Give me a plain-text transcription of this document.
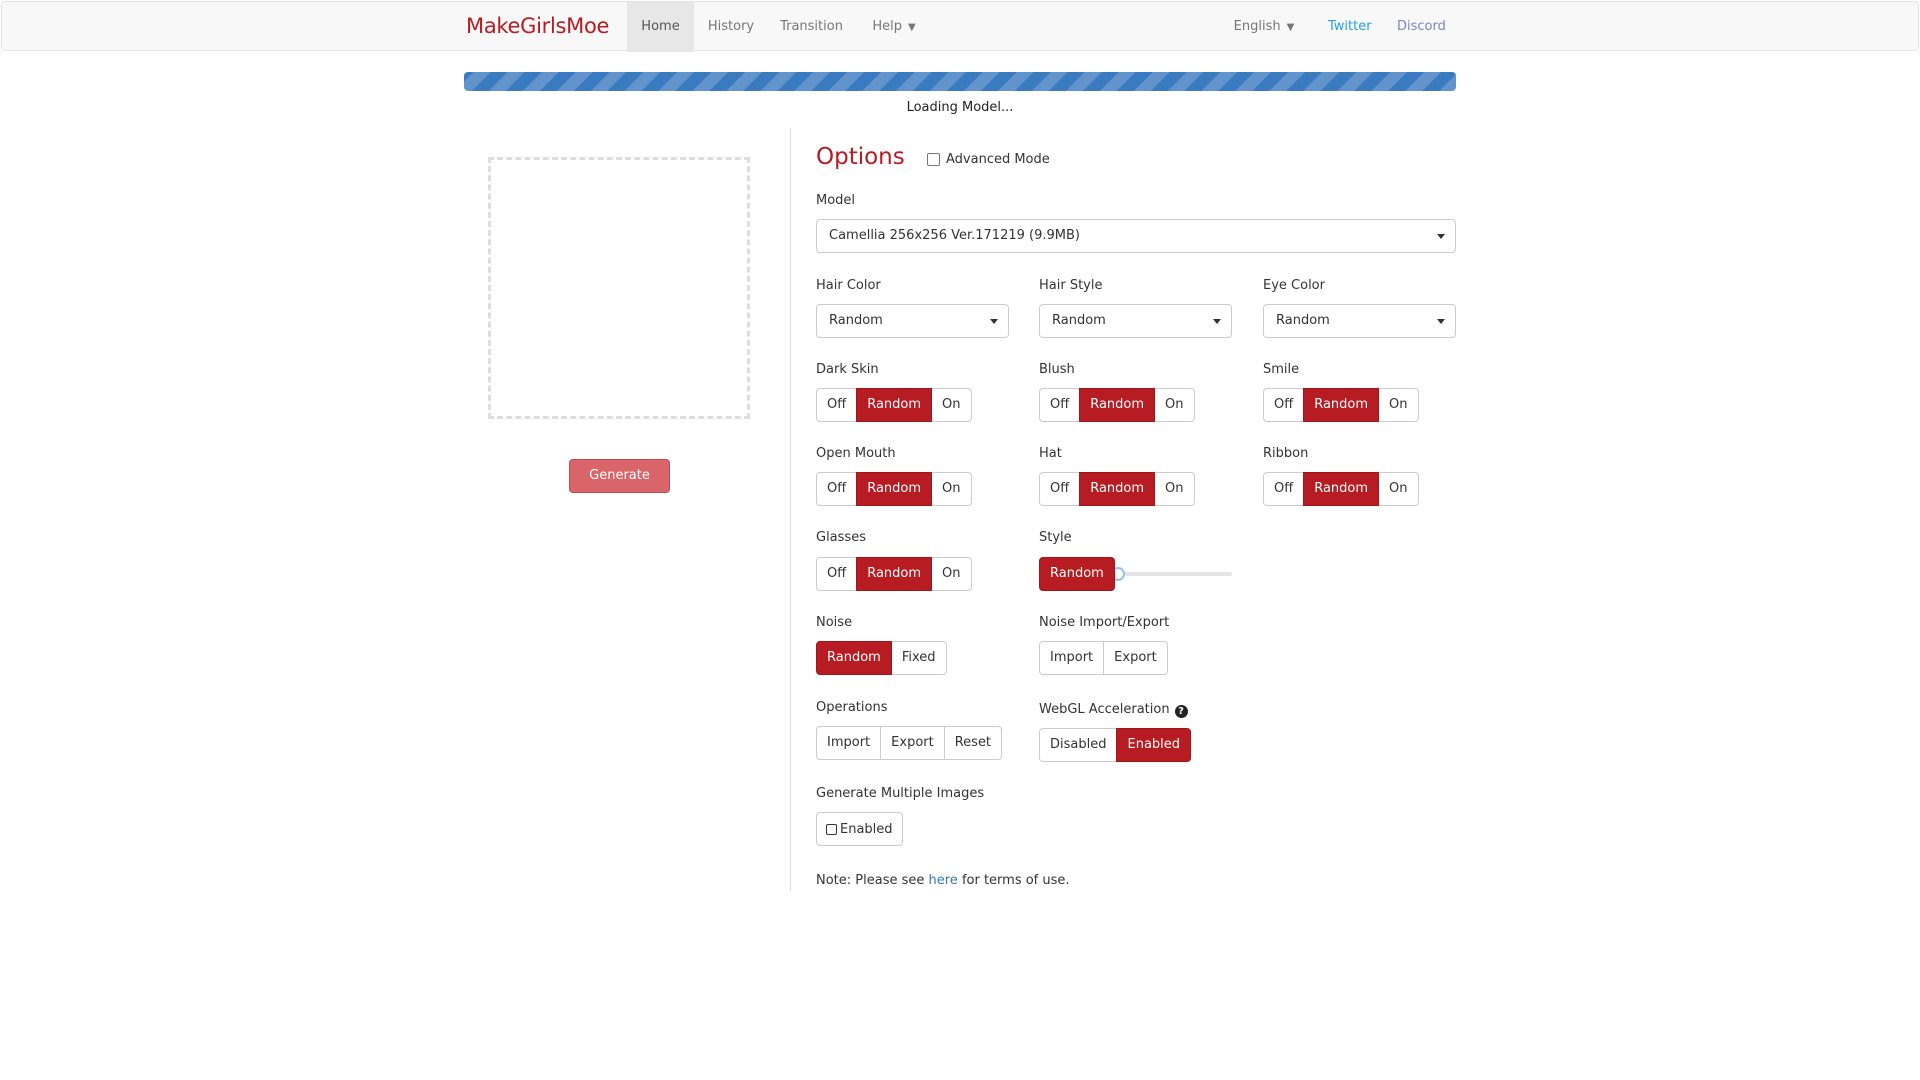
MakeGirlsMoe	Home	History	Transition	Help ▼	English ▼	Twitter Discord
Loading Model...
Generate
Options	Advanced Mode
Model
Camellia 256x256 Ver.171219 (9.9MB)
Hair Color
Random
Hair Style
Random
Eye Color
Random
Dark Skin
Off	Random	On
Blush
Off	Random	On
Smile
Off	Random	On
Open Mouth
Off	Random	On
Hat
Off	Random	On
Ribbon
Off	Random	On
Glasses
Off	Random	On
Style
Random
Noise
Random	Fixed
Noise Import/Export
Import	Export
Operations
Import	Export	Reset
WebGL Acceleration ?
Disabled	Enabled
Generate Multiple Images
Enabled
Note: Please see here for terms of use.
